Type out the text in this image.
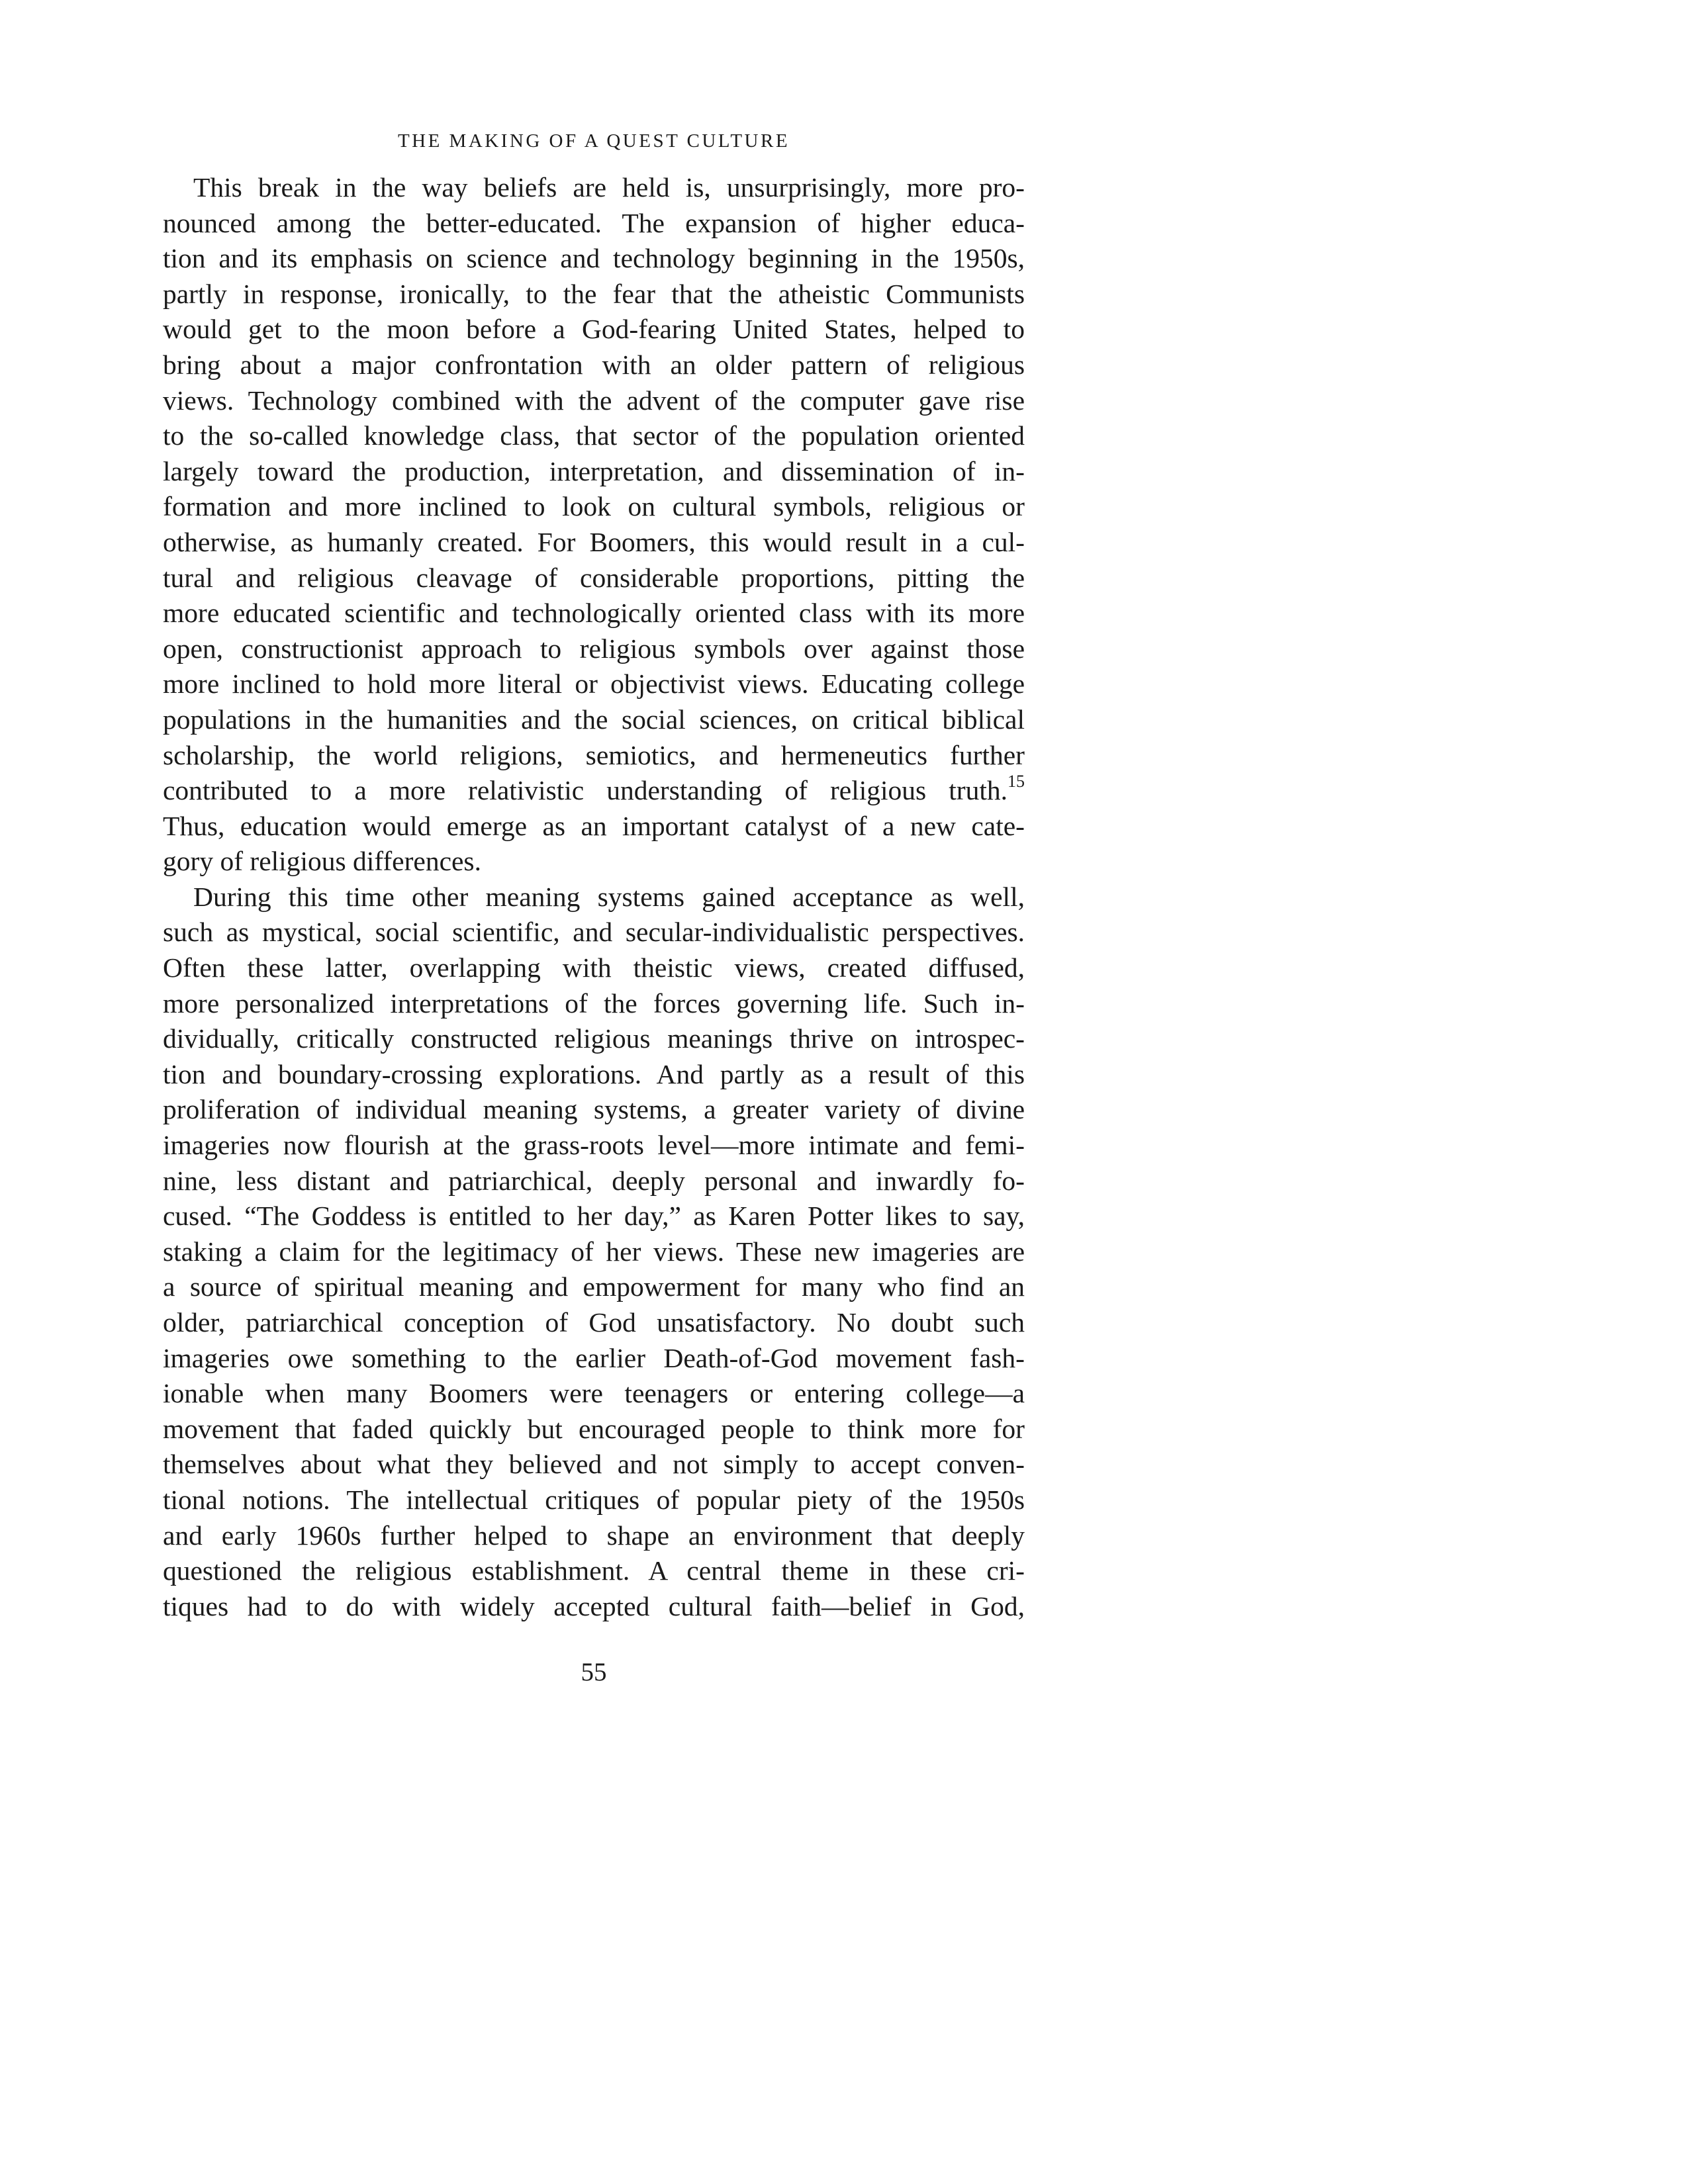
THE MAKING OF A QUEST CULTURE
This break in the way beliefs are held is, unsurprisingly, more pro-
nounced among the better-educated. The expansion of higher educa-
tion and its emphasis on science and technology beginning in the 1950s,
partly in response, ironically, to the fear that the atheistic Communists
would get to the moon before a God-fearing United States, helped to
bring about a major confrontation with an older pattern of religious
views. Technology combined with the advent of the computer gave rise
to the so-called knowledge class, that sector of the population oriented
largely toward the production, interpretation, and dissemination of in-
formation and more inclined to look on cultural symbols, religious or
otherwise, as humanly created. For Boomers, this would result in a cul-
tural and religious cleavage of considerable proportions, pitting the
more educated scientific and technologically oriented class with its more
open, constructionist approach to religious symbols over against those
more inclined to hold more literal or objectivist views. Educating college
populations in the humanities and the social sciences, on critical biblical
scholarship, the world religions, semiotics, and hermeneutics further
contributed to a more relativistic understanding of religious truth.$^{15}$
Thus, education would emerge as an important catalyst of a new cate-
gory of religious differences.
During this time other meaning systems gained acceptance as well,
such as mystical, social scientific, and secular-individualistic perspectives.
Often these latter, overlapping with theistic views, created diffused,
more personalized interpretations of the forces governing life. Such in-
dividually, critically constructed religious meanings thrive on introspec-
tion and boundary-crossing explorations. And partly as a result of this
proliferation of individual meaning systems, a greater variety of divine
imageries now flourish at the grass-roots level—more intimate and femi-
nine, less distant and patriarchical, deeply personal and inwardly fo-
cused. “The Goddess is entitled to her day,” as Karen Potter likes to say,
staking a claim for the legitimacy of her views. These new imageries are
a source of spiritual meaning and empowerment for many who find an
older, patriarchical conception of God unsatisfactory. No doubt such
imageries owe something to the earlier Death-of-God movement fash-
ionable when many Boomers were teenagers or entering college—a
movement that faded quickly but encouraged people to think more for
themselves about what they believed and not simply to accept conven-
tional notions. The intellectual critiques of popular piety of the 1950s
and early 1960s further helped to shape an environment that deeply
questioned the religious establishment. A central theme in these cri-
tiques had to do with widely accepted cultural faith—belief in God,
55
